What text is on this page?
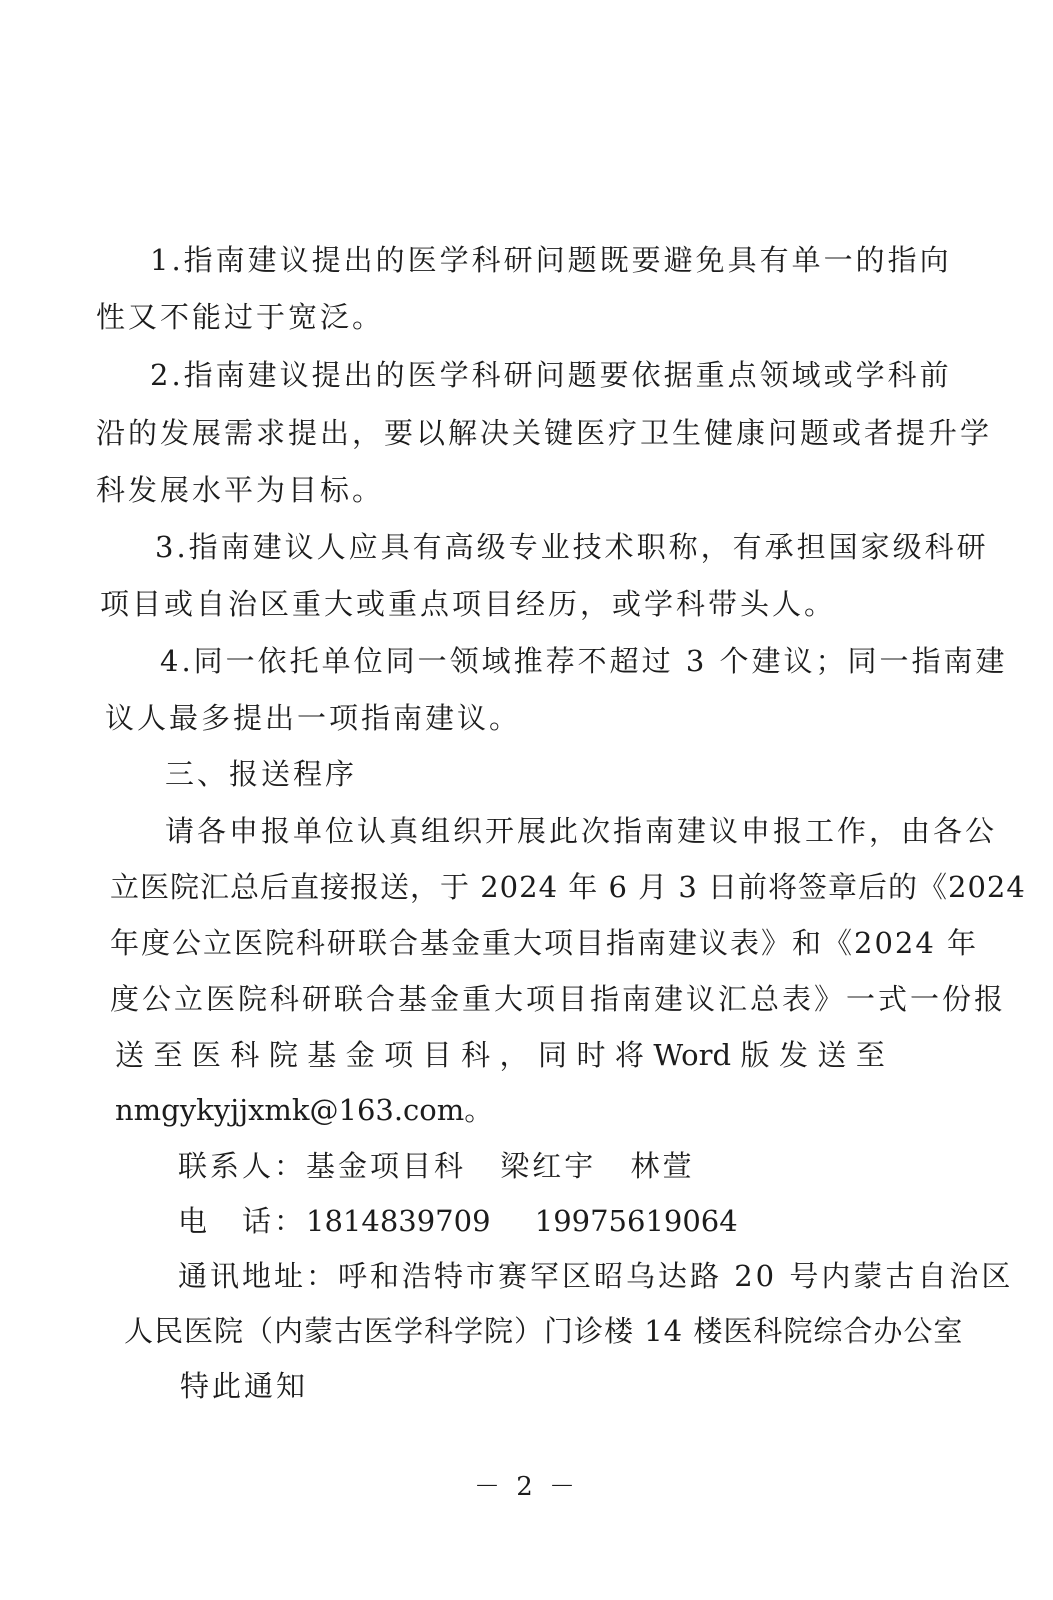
1.指南建议提出的医学科研问题既要避免具有单一的指向

性又不能过于宽泛。

2.指南建议提出的医学科研问题要依据重点领域或学科前

沿的发展需求提出，要以解决关键医疗卫生健康问题或者提升学

科发展水平为目标。

3.指南建议人应具有高级专业技术职称，有承担国家级科研

项目或自治区重大或重点项目经历，或学科带头人。

4.同一依托单位同一领域推荐不超过 3 个建议；同一指南建

议人最多提出一项指南建议。

三、报送程序

请各申报单位认真组织开展此次指南建议申报工作，由各公

立医院汇总后直接报送，于 2024 年 6 月 3 日前将签章后的《2024

年度公立医院科研联合基金重大项目指南建议表》和《2024 年

度公立医院科研联合基金重大项目指南建议汇总表》一式一份报

送 至 医 科 院 基 金 项 目 科 ， 同 时 将 Word 版 发 送 至

nmgykyjjxmk@163.com。

联系人：基金项目科 梁红宇 林萱
电　话：1814839709 19975619064

通讯地址：呼和浩特市赛罕区昭乌达路 20 号内蒙古自治区

人民医院（内蒙古医学科学院）门诊楼 14 楼医科院综合办公室

特此通知

－ 2 －
